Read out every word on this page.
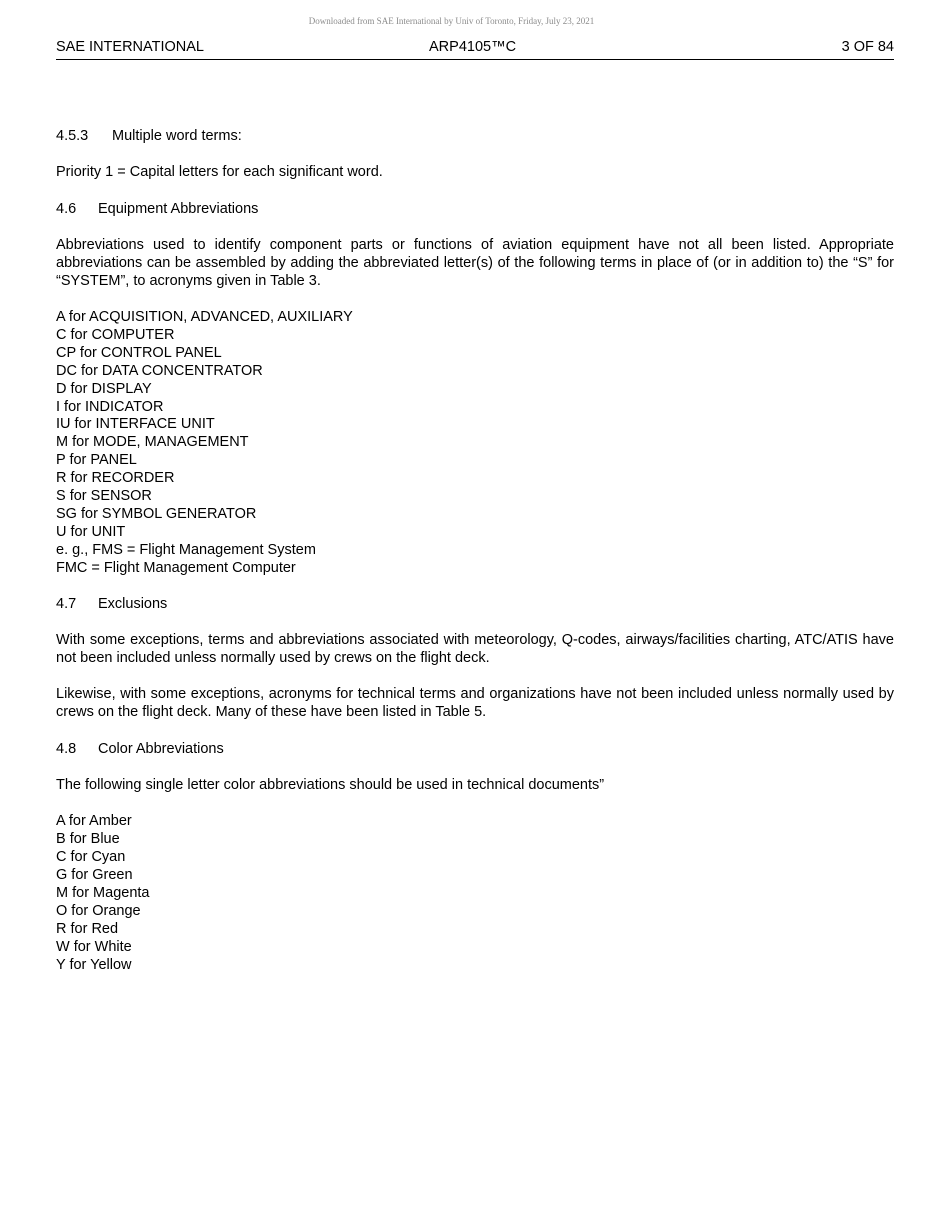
Downloaded from SAE International by Univ of Toronto, Friday, July 23, 2021
SAE INTERNATIONAL	ARP4105™C	3 OF 84
4.5.3 Multiple word terms:
Priority 1 = Capital letters for each significant word.
4.6 Equipment Abbreviations
Abbreviations used to identify component parts or functions of aviation equipment have not all been listed. Appropriate abbreviations can be assembled by adding the abbreviated letter(s) of the following terms in place of (or in addition to) the “S” for “SYSTEM”, to acronyms given in Table 3.
A for ACQUISITION, ADVANCED, AUXILIARY
C for COMPUTER
CP for CONTROL PANEL
DC for DATA CONCENTRATOR
D for DISPLAY
I for INDICATOR
IU for INTERFACE UNIT
M for MODE, MANAGEMENT
P for PANEL
R for RECORDER
S for SENSOR
SG for SYMBOL GENERATOR
U for UNIT
e. g., FMS = Flight Management System
FMC = Flight Management Computer
4.7 Exclusions
With some exceptions, terms and abbreviations associated with meteorology, Q-codes, airways/facilities charting, ATC/ATIS have not been included unless normally used by crews on the flight deck.
Likewise, with some exceptions, acronyms for technical terms and organizations have not been included unless normally used by crews on the flight deck. Many of these have been listed in Table 5.
4.8 Color Abbreviations
The following single letter color abbreviations should be used in technical documents”
A for Amber
B for Blue
C for Cyan
G for Green
M for Magenta
O for Orange
R for Red
W for White
Y for Yellow
